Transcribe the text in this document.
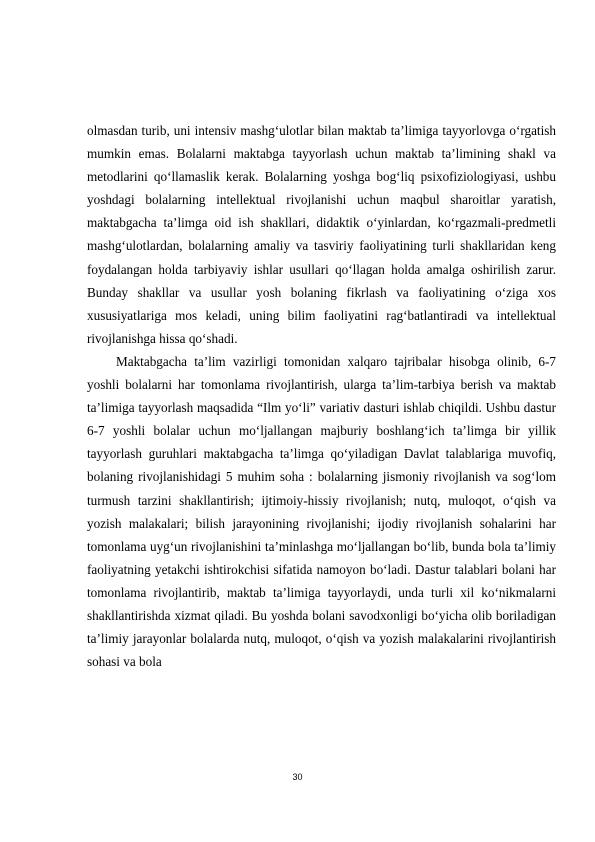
olmasdan turib, uni intensiv mashgʻulotlar bilan maktab taʼlimiga tayyorlovga oʻrgatish mumkin emas. Bolalarni maktabga tayyorlash uchun maktab taʼlimining shakl va metodlarini qoʻllamaslik kerak. Bolalarning yoshga bogʻliq psixofiziologiyasi, ushbu yoshdagi bolalarning intellektual rivojlanishi uchun maqbul sharoitlar yaratish, maktabgacha taʼlimga oid ish shakllari, didaktik oʻyinlardan, koʻrgazmali-predmetli mashgʻulotlardan, bolalarning amaliy va tasviriy faoliyatining turli shakllaridan keng foydalangan holda tarbiyaviy ishlar usullari qoʻllagan holda amalga oshirilish zarur. Bunday shakllar va usullar yosh bolaning fikrlash va faoliyatining oʻziga xos xususiyatlariga mos keladi, uning bilim faoliyatini ragʻbatlantiradi va intellektual rivojlanishga hissa qoʻshadi.

Maktabgacha taʼlim vazirligi tomonidan xalqaro tajribalar hisobga olinib, 6-7 yoshli bolalarni har tomonlama rivojlantirish, ularga taʼlim-tarbiya berish va maktab taʼlimiga tayyorlash maqsadida “Ilm yo‘li” variativ dasturi ishlab chiqildi. Ushbu dastur 6-7 yoshli bolalar uchun moʻljallangan majburiy boshlangʻich taʼlimga bir yillik tayyorlash guruhlari maktabgacha taʼlimga qoʻyiladigan Davlat talablariga muvofiq, bolaning rivojlanishidagi 5 muhim soha : bolalarning jismoniy rivojlanish va sogʻlom turmush tarzini shakllantirish; ijtimoiy-hissiy rivojlanish; nutq, muloqot, oʻqish va yozish malakalari; bilish jarayonining rivojlanishi; ijodiy rivojlanish sohalarini har tomonlama uygʻun rivojlanishini taʼminlashga moʻljallangan boʻlib, bunda bola taʼlimiy faoliyatning yetakchi ishtirokchisi sifatida namoyon boʻladi. Dastur talablari bolani har tomonlama rivojlantirib, maktab taʼlimiga tayyorlaydi, unda turli xil koʻnikmalarni shakllantirishda xizmat qiladi. Bu yoshda bolani savodxonligi boʻyicha olib boriladigan taʼlimiy jarayonlar bolalarda nutq, muloqot, oʻqish va yozish malakalarini rivojlantirish sohasi va bola

30
